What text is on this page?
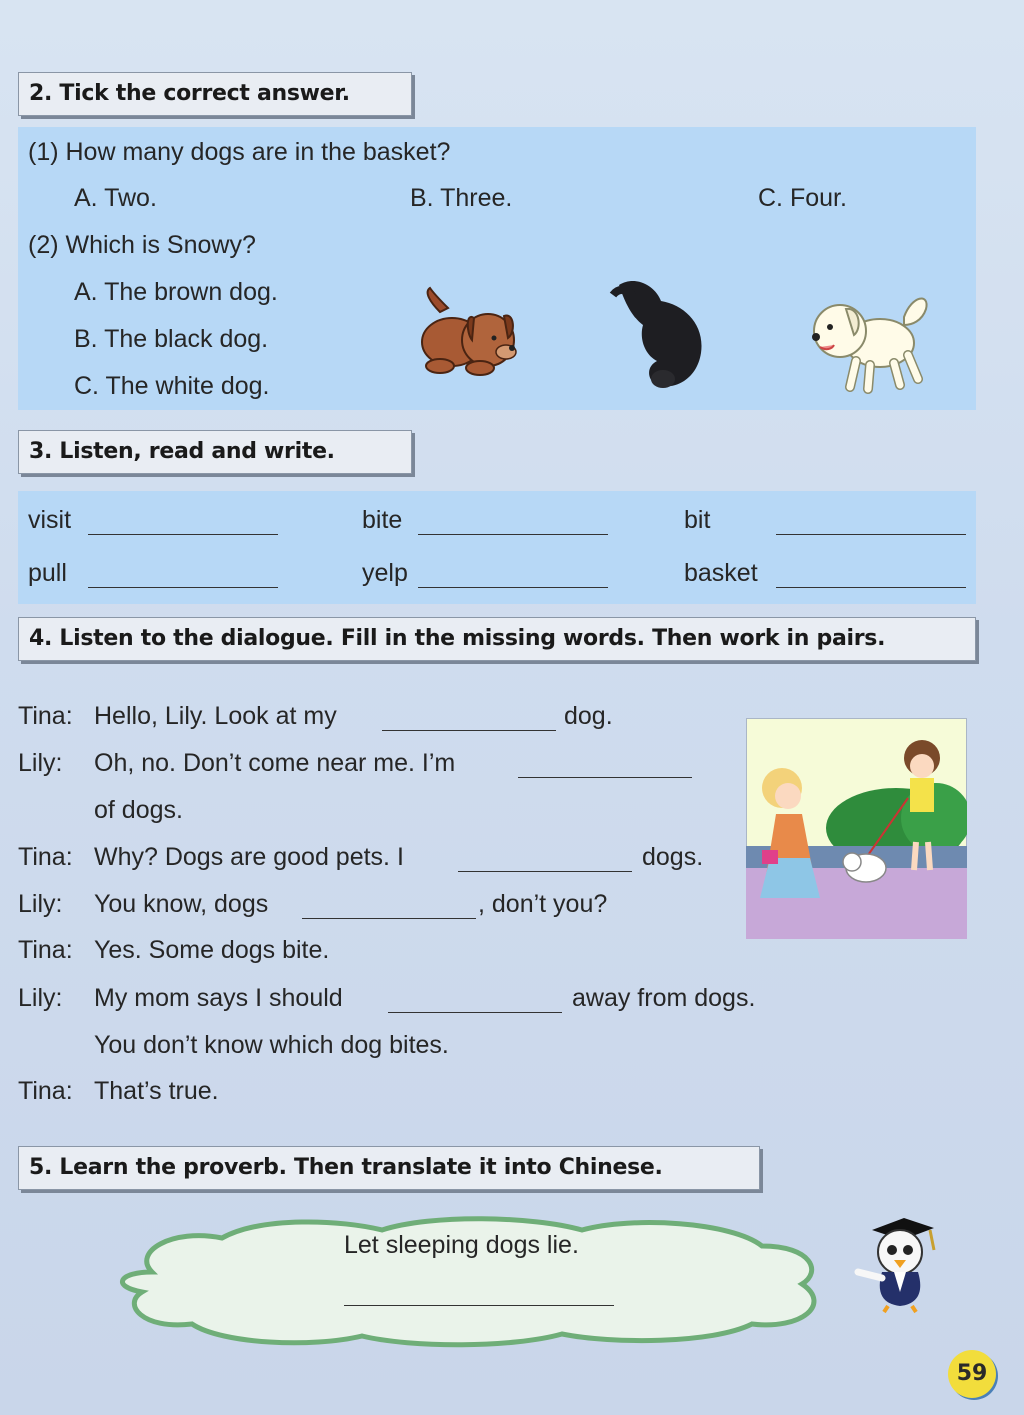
2. Tick the correct answer.
(1) How many dogs are in the basket?
A. Two.	B. Three.	C. Four.
(2) Which is Snowy?
A. The brown dog.
B. The black dog.
C. The white dog.
3. Listen, read and write.
visit	bite	bit
pull	yelp	basket
4. Listen to the dialogue. Fill in the missing words. Then work in pairs.
Tina: Hello, Lily. Look at my	dog.
Lily: Oh, no. Don’t come near me. I’m
of dogs.
Tina: Why? Dogs are good pets. I	dogs.
Lily: You know, dogs	, don’t you?
Tina: Yes. Some dogs bite.
Lily: My mom says I should	away from dogs.
You don’t know which dog bites.
Tina: That’s true.
5. Learn the proverb. Then translate it into Chinese.
Let sleeping dogs lie.
59
